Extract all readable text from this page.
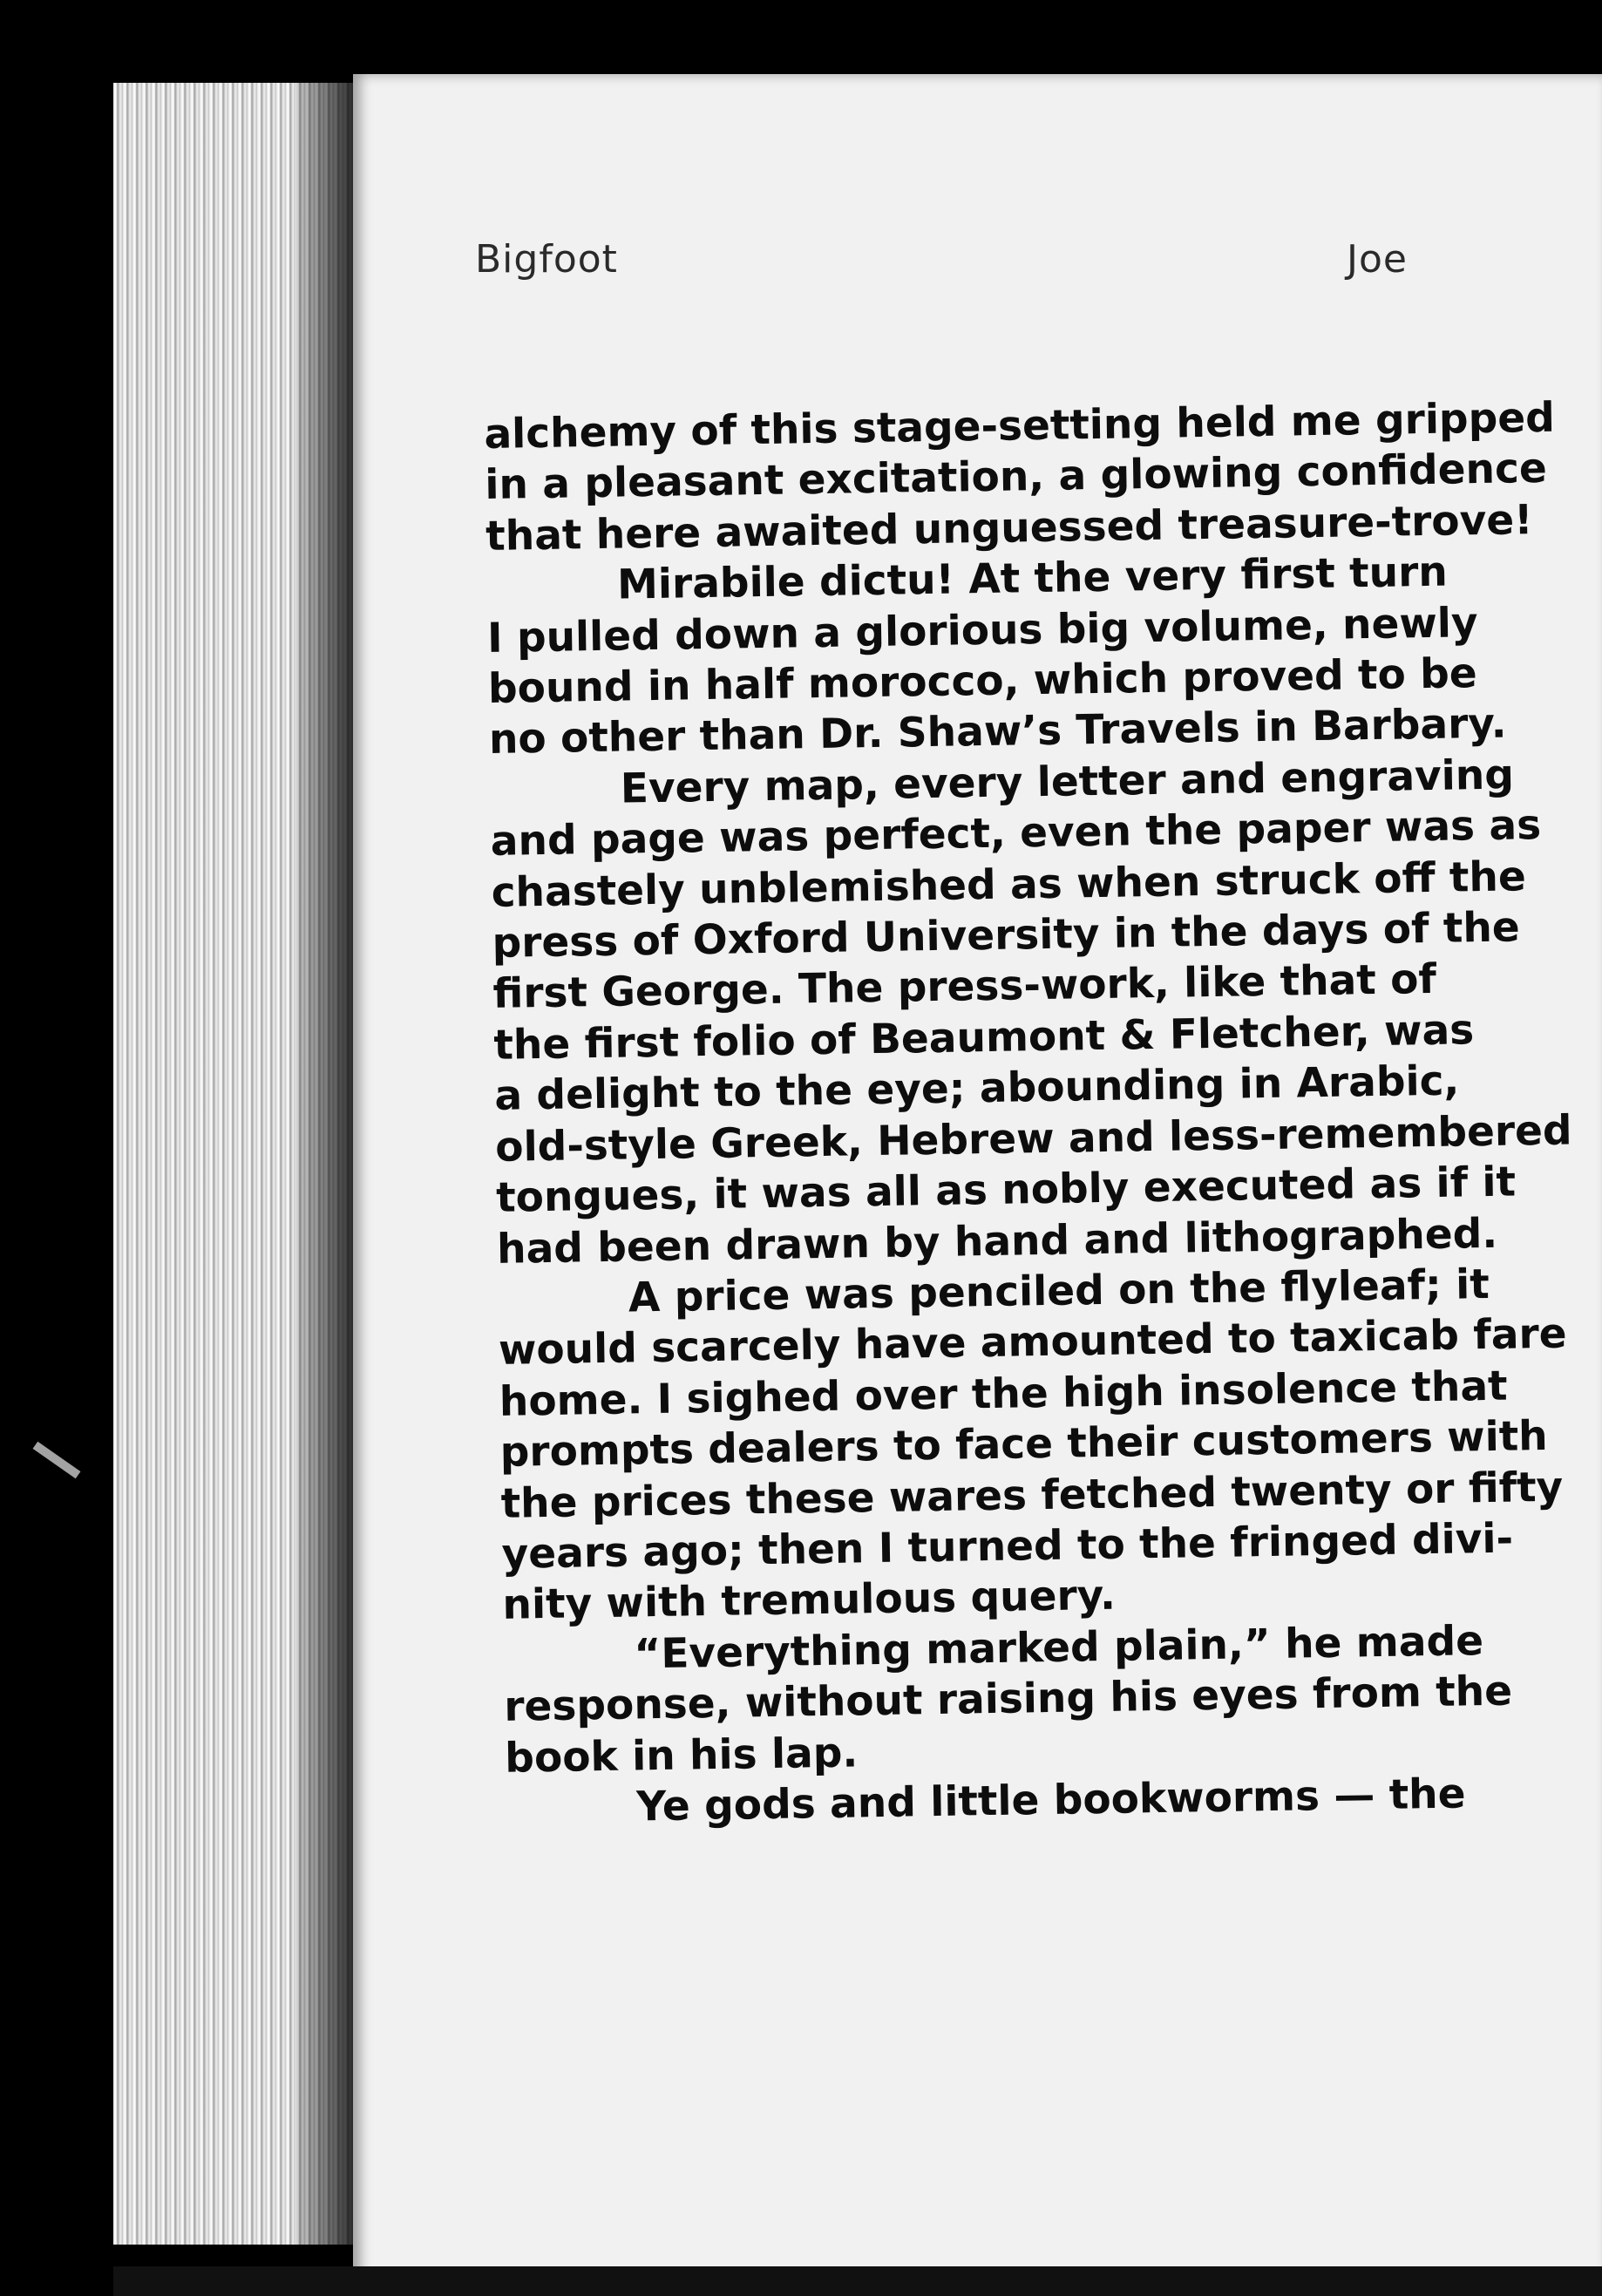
Bigfoot	Joe
alchemy of this stage-setting held me gripped
in a pleasant excitation, a glowing confidence
that here awaited unguessed treasure-trove!
Mirabile dictu! At the very first turn
I pulled down a glorious big volume, newly
bound in half morocco, which proved to be
no other than Dr. Shaw’s Travels in Barbary.
Every map, every letter and engraving
and page was perfect, even the paper was as
chastely unblemished as when struck off the
press of Oxford University in the days of the
first George. The press-work, like that of
the first folio of Beaumont & Fletcher, was
a delight to the eye; abounding in Arabic,
old-style Greek, Hebrew and less-remembered
tongues, it was all as nobly executed as if it
had been drawn by hand and lithographed.
A price was penciled on the flyleaf; it
would scarcely have amounted to taxicab fare
home. I sighed over the high insolence that
prompts dealers to face their customers with
the prices these wares fetched twenty or fifty
years ago; then I turned to the fringed divi-
nity with tremulous query.
“Everything marked plain,” he made
response, without raising his eyes from the
book in his lap.
Ye gods and little bookworms — the
